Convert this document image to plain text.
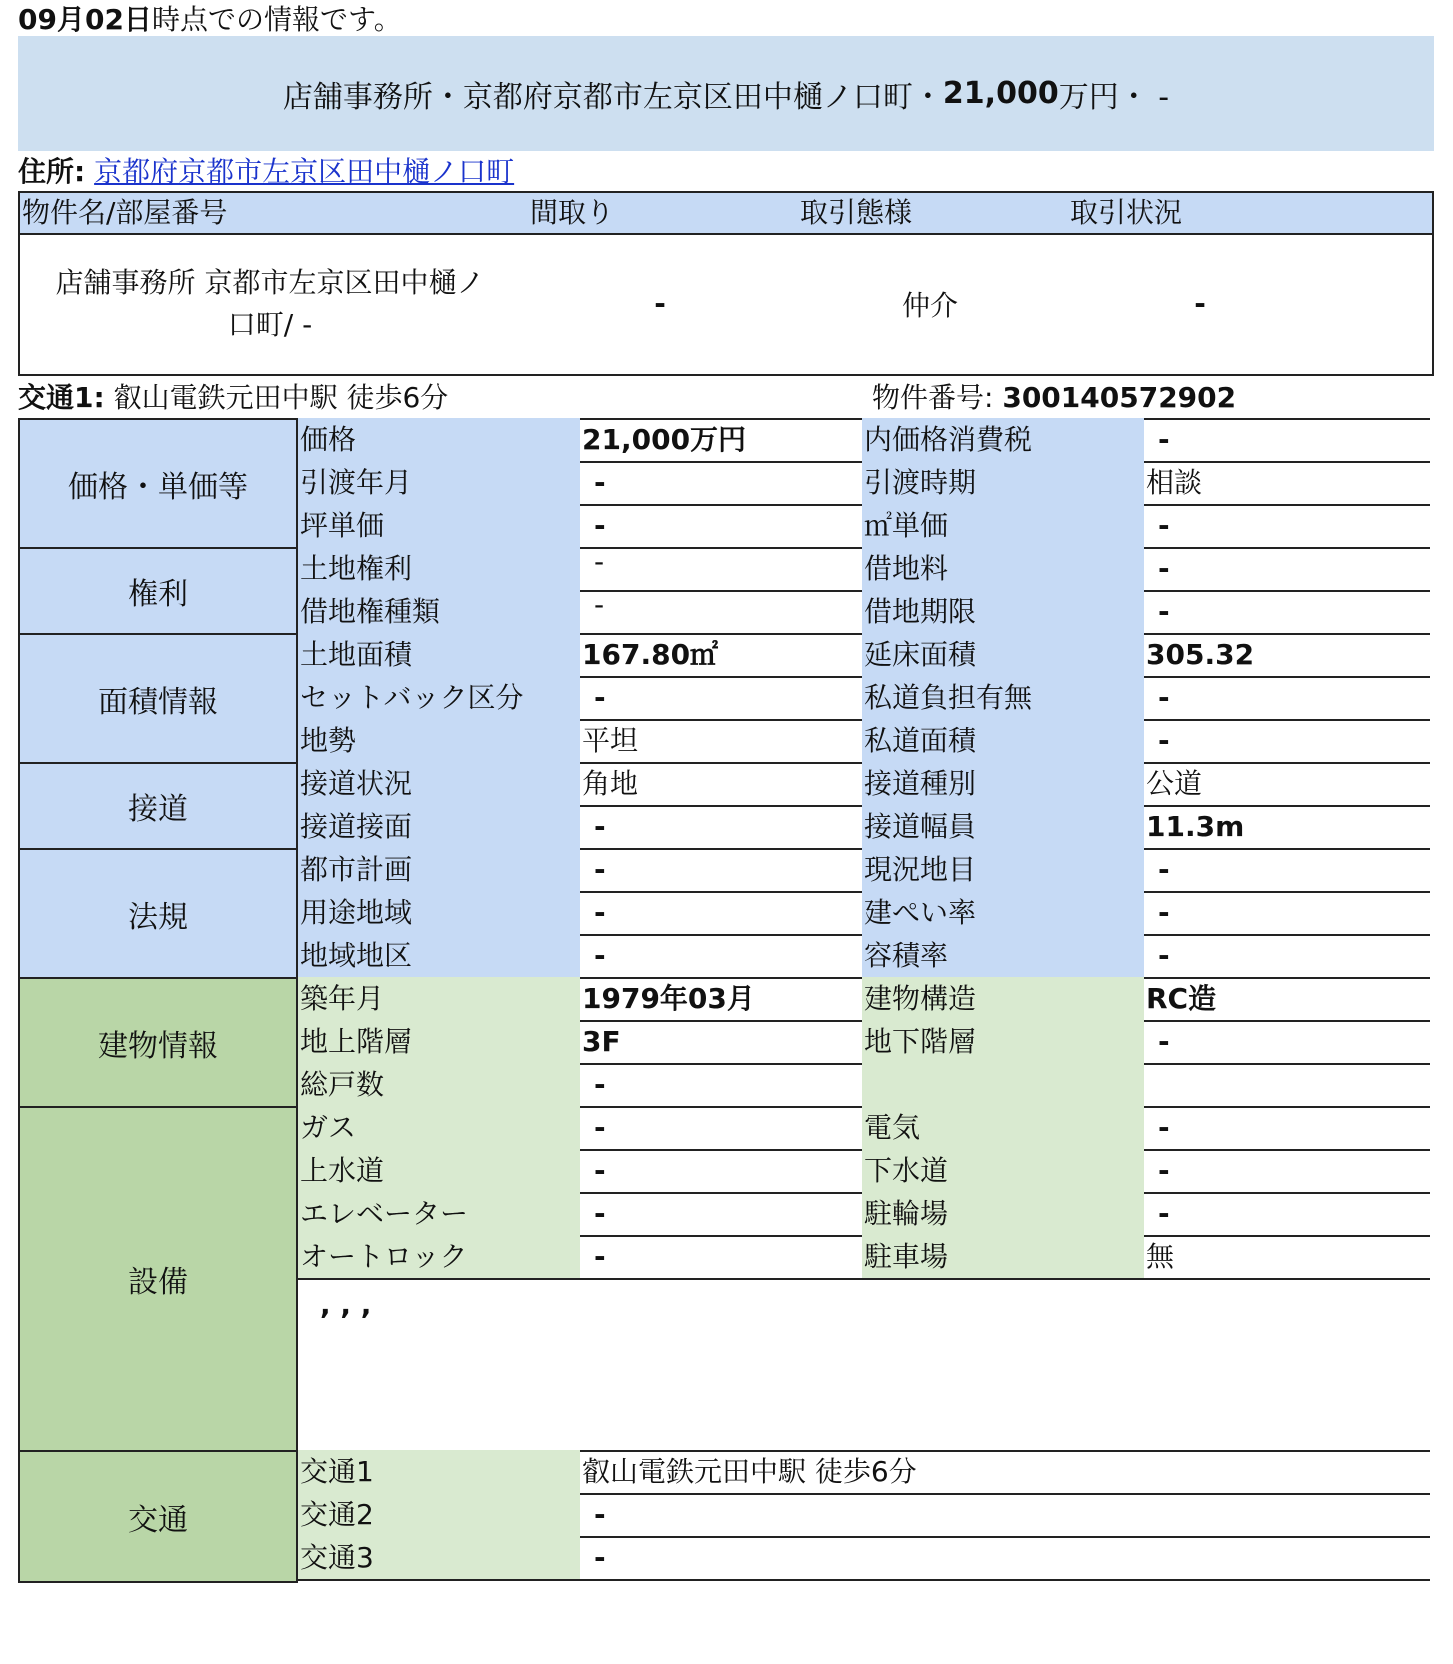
09月02日時点での情報です。
店舗事務所・京都府京都市左京区田中樋ノ口町・ 21,000 万円・ -
住所: 京都府京都市左京区田中樋ノ口町
物件名/部屋番号	間取り	取引態様	取引状況
店舗事務所 京都市左京区田中樋ノ
口町/ -
-	仲介	-
交通1: 叡山電鉄元田中駅 徒歩6分	物件番号: 300140572902
価格・単価等
価格	21,000万円	内価格消費税	-
引渡年月	-	引渡時期	相談
坪単価	-	㎡単価	-
権利
土地権利	-	借地料	-
借地権種類	-	借地期限	-
面積情報
土地面積	167.80㎡	延床面積	305.32
セットバック区分	-	私道負担有無	-
地勢	平坦	私道面積	-
接道
接道状況	角地	接道種別	公道
接道接面	-	接道幅員	11.3m
法規
都市計画	-	現況地目	-
用途地域	-	建ぺい率	-
地域地区	-	容積率	-
建物情報
築年月	1979年03月	建物構造	RC造
地上階層	3F	地下階層	-
総戸数	-
設備
ガス	-	電気	-
上水道	-	下水道	-
エレベーター	-	駐輪場	-
オートロック	-	駐車場	無
, , ,
交通
交通1	叡山電鉄元田中駅 徒歩6分
交通2	-
交通3	-
